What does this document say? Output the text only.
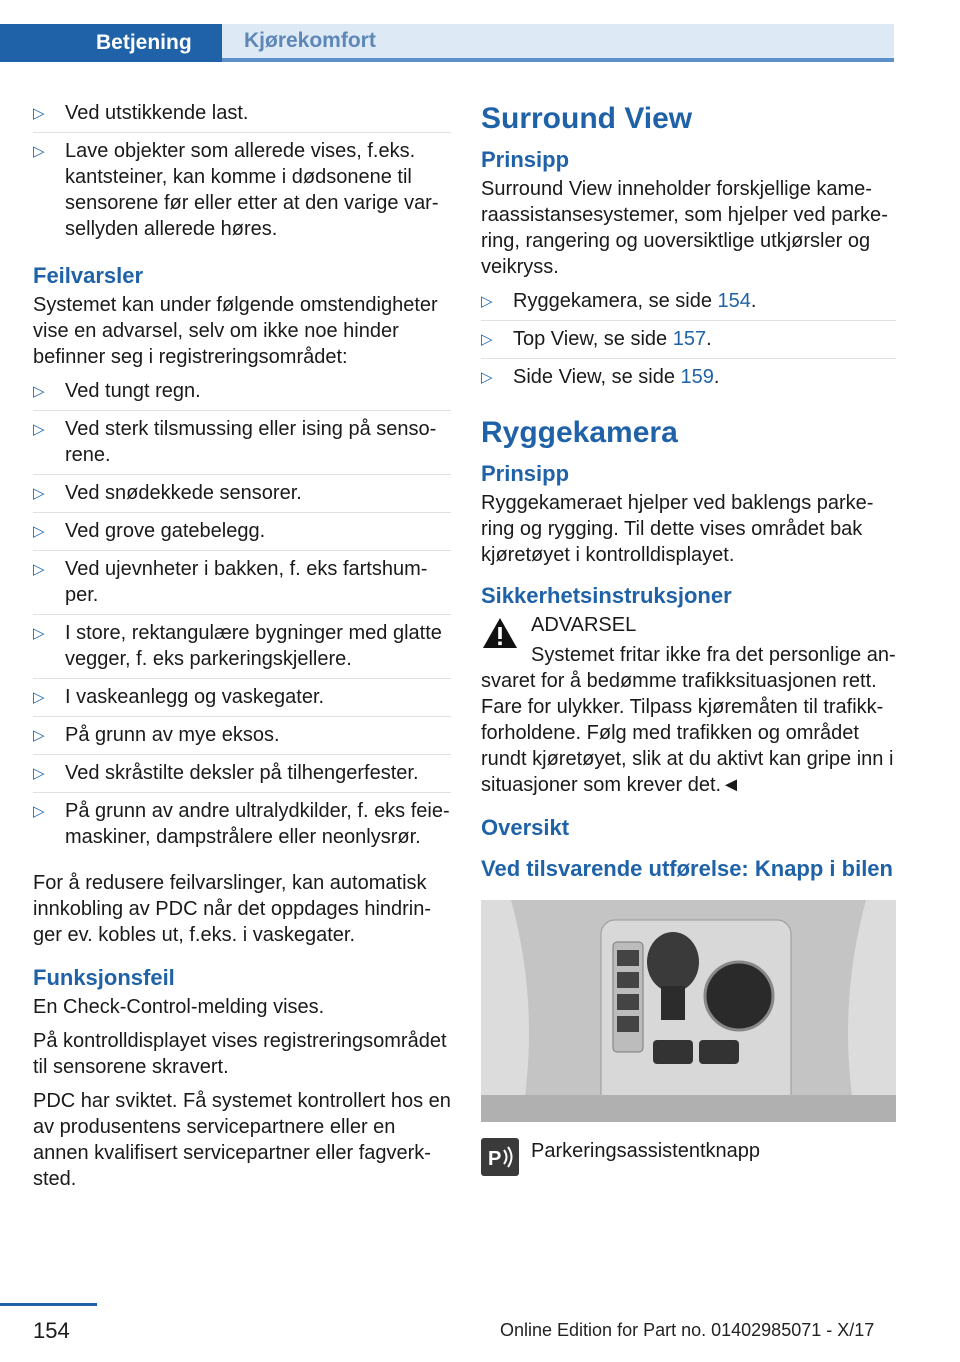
Betjening	Kjørekomfort
▷ Ved utstikkende last.
▷ Lave objekter som allerede vises, f.eks. kantsteiner, kan komme i dødsonene til sensorene før eller etter at den varige varsellyden allerede høres.
Feilvarsler

Systemet kan under følgende omstendigheter vise en advarsel, selv om ikke noe hinder befinner seg i registreringsområdet:

▷ Ved tungt regn.
▷ Ved sterk tilsmussing eller ising på sensorene.
▷ Ved snødekkede sensorer.
▷ Ved grove gatebelegg.
▷ Ved ujevnheter i bakken, f. eks fartshumper.
▷ I store, rektangulære bygninger med glatte vegger, f. eks parkeringskjellere.
▷ I vaskeanlegg og vaskegater.
▷ På grunn av mye eksos.
▷ Ved skråstilte deksler på tilhengerfester.
▷ På grunn av andre ultralydkilder, f. eks feiemaskiner, dampstrålere eller neonlysrør.

For å redusere feilvarslinger, kan automatisk innkobling av PDC når det oppdages hindringer ev. kobles ut, f.eks. i vaskegater.

Funksjonsfeil

En Check-Control-melding vises.

På kontrolldisplayet vises registreringsområdet til sensorene skravert.

PDC har sviktet. Få systemet kontrollert hos en av produsentens servicepartnere eller en annen kvalifisert servicepartner eller fagverksted.

Surround View
Prinsipp

Surround View inneholder forskjellige kameraassistansesystemer, som hjelper ved parkering, rangering og uoversiktlige utkjørsler og veikryss.

▷ Ryggekamera, se side 154.
▷ Top View, se side 157.
▷ Side View, se side 159.
Ryggekamera
Prinsipp

Ryggekameraet hjelper ved baklengs parkering og rygging. Til dette vises området bak kjøretøyet i kontrolldisplayet.

Sikkerhetsinstruksjoner
ADVARSEL

Systemet fritar ikke fra det personlige ansvaret for å bedømme trafikksituasjonen rett. Fare for ulykker. Tilpass kjøremåten til trafikkforholdene. Følg med trafikken og området rundt kjøretøyet, slik at du aktivt kan gripe inn i situasjoner som krever det.◄

Oversikt
Ved tilsvarende utførelse: Knapp i bilen
P Parkeringsassistentknapp
154	Online Edition for Part no. 01402985071 - X/17
